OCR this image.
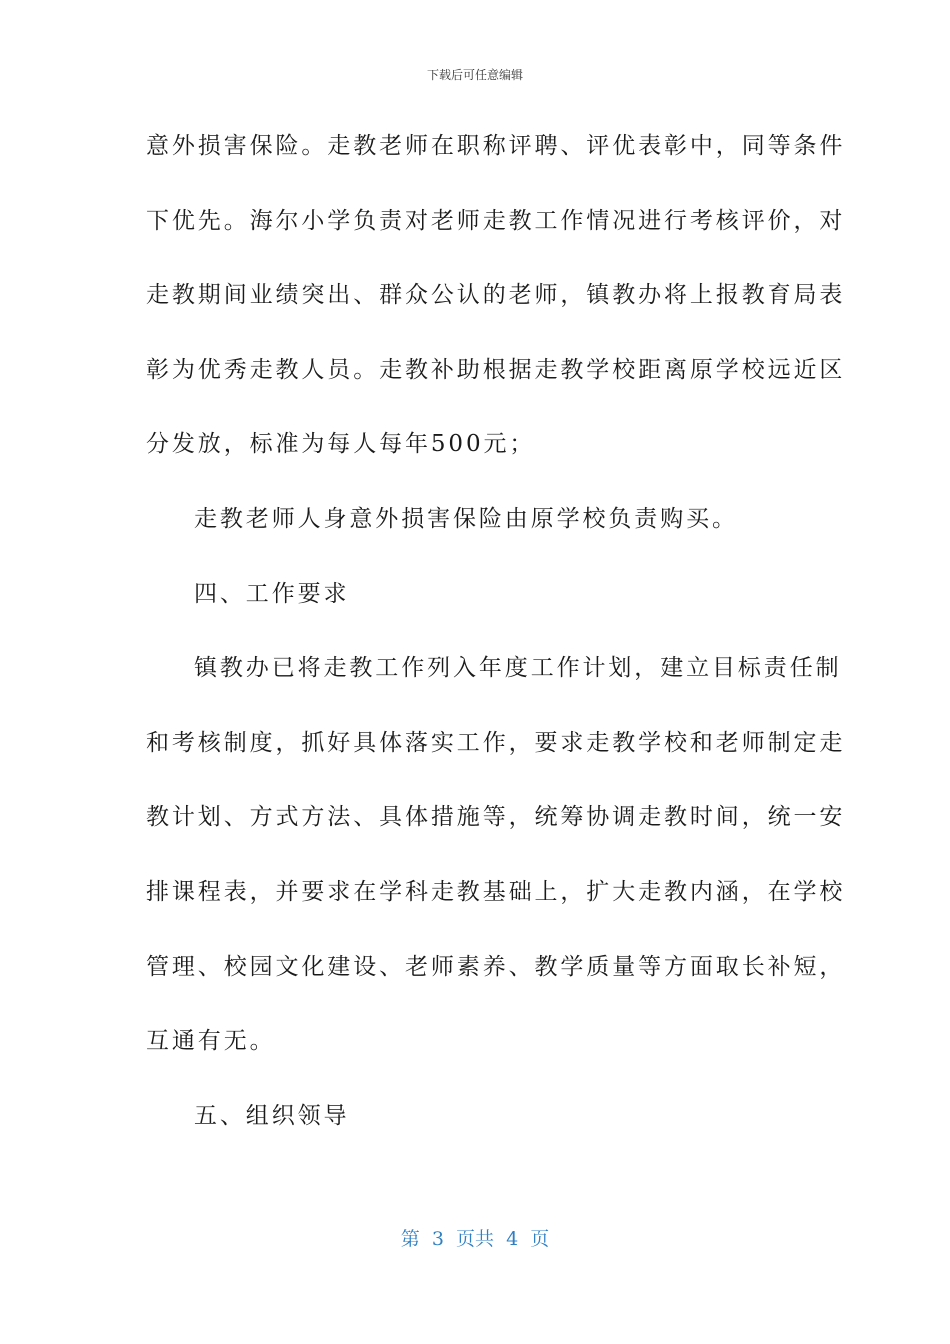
下载后可任意编辑
意外损害保险。走教老师在职称评聘、评优表彰中，同等条件
下优先。海尔小学负责对老师走教工作情况进行考核评价，对
走教期间业绩突出、群众公认的老师，镇教办将上报教育局表
彰为优秀走教人员。走教补助根据走教学校距离原学校远近区
分发放，标准为每人每年500元；
走教老师人身意外损害保险由原学校负责购买。
四、工作要求
镇教办已将走教工作列入年度工作计划，建立目标责任制
和考核制度，抓好具体落实工作，要求走教学校和老师制定走
教计划、方式方法、具体措施等，统筹协调走教时间，统一安
排课程表，并要求在学科走教基础上，扩大走教内涵，在学校
管理、校园文化建设、老师素养、教学质量等方面取长补短，
互通有无。
五、组织领导
第  3  页共  4  页
